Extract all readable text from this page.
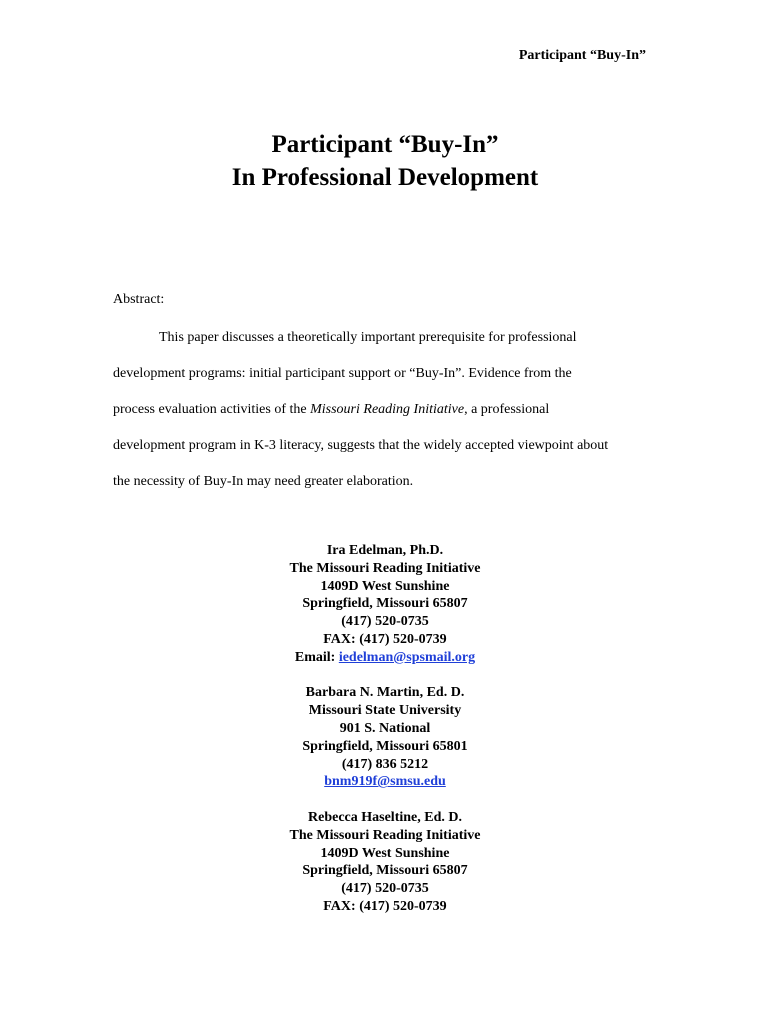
Participant “Buy-In”
Participant “Buy-In”
In Professional Development
Abstract:
This paper discusses a theoretically important prerequisite for professional
development programs: initial participant support or “Buy-In”. Evidence from the
process evaluation activities of the Missouri Reading Initiative, a professional
development program in K-3 literacy, suggests that the widely accepted viewpoint about
the necessity of Buy-In may need greater elaboration.
Ira Edelman, Ph.D.
The Missouri Reading Initiative
1409D West Sunshine
Springfield, Missouri 65807
(417) 520-0735
FAX: (417) 520-0739
Email: iedelman@spsmail.org
Barbara N. Martin, Ed. D.
Missouri State University
901 S. National
Springfield, Missouri 65801
(417) 836 5212
bnm919f@smsu.edu
Rebecca Haseltine, Ed. D.
The Missouri Reading Initiative
1409D West Sunshine
Springfield, Missouri 65807
(417) 520-0735
FAX: (417) 520-0739
